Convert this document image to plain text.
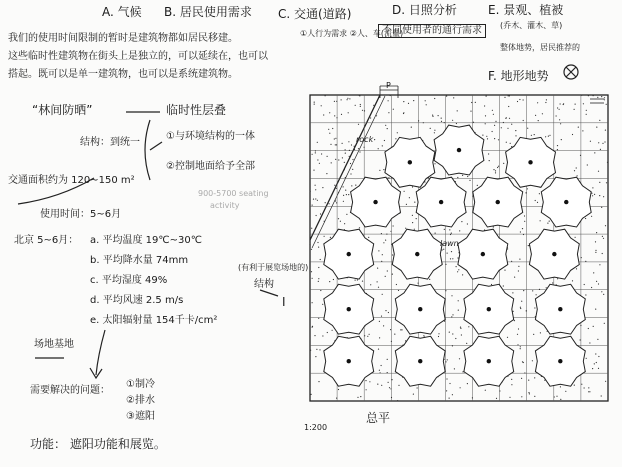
A. 气候 B. 居民使用需求 C. 交通(道路)
①人行为需求 ②人、车(流量)
D. 日照分析
不同使用者的通行需求
E. 景观、植被
(乔木、灌木、草)
整体地势，居民推荐的
F. 地形地势
P
rock
lawn
1:200
总平
我们的使用时间限制的暂时是建筑物都如居民移建。
这些临时性建筑物在街头上是独立的，可以延续在，也可以
搭起。既可以是单一建筑物，也可以是系统建筑物。
“林间防晒”	临时性层叠
结构：到统一
①与环境结构的一体
②控制地面给予全部
交通面积约为 120~150 m²
900-5700 seating
activity
使用时间：5~6月
北京 5~6月： a. 平均温度 19℃~30℃
b. 平均降水量 74mm
c. 平均湿度 49%
d. 平均风速 2.5 m/s
e. 太阳辐射量 154千卡/cm²
(有利于展览场地的)
结构
I
场地基地
需要解决的问题：
①制冷
②排水
③遮阳
功能： 遮阳功能和展览。
